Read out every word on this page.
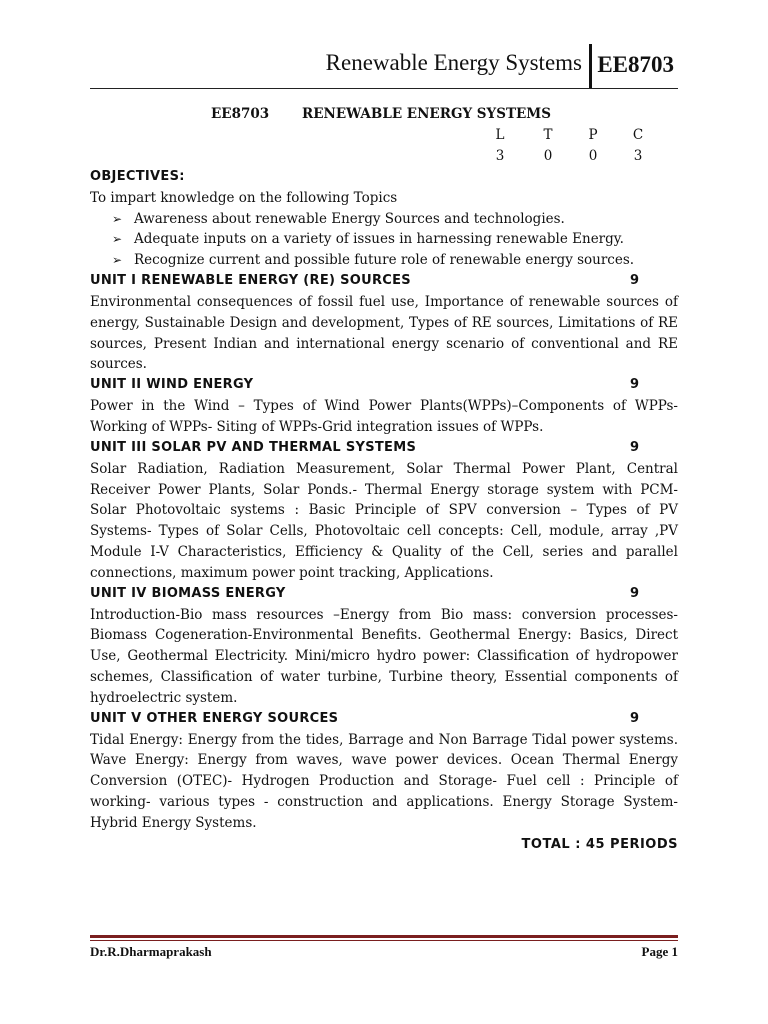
Renewable Energy Systems EE8703
EE8703 RENEWABLE ENERGY SYSTEMS
L	T	P	C
3	0	0	3
OBJECTIVES:
To impart knowledge on the following Topics
➢ Awareness about renewable Energy Sources and technologies.
➢ Adequate inputs on a variety of issues in harnessing renewable Energy.
➢ Recognize current and possible future role of renewable energy sources.
UNIT I RENEWABLE ENERGY (RE) SOURCES	9
Environmental consequences of fossil fuel use, Importance of renewable sources of energy, Sustainable Design and development, Types of RE sources, Limitations of RE sources, Present Indian and international energy scenario of conventional and RE sources.
UNIT II WIND ENERGY	9
Power in the Wind – Types of Wind Power Plants(WPPs)–Components of WPPs-Working of WPPs- Siting of WPPs-Grid integration issues of WPPs.
UNIT III SOLAR PV AND THERMAL SYSTEMS	9
Solar Radiation, Radiation Measurement, Solar Thermal Power Plant, Central Receiver Power Plants, Solar Ponds.- Thermal Energy storage system with PCM- Solar Photovoltaic systems : Basic Principle of SPV conversion – Types of PV Systems- Types of Solar Cells, Photovoltaic cell concepts: Cell, module, array ,PV Module I-V Characteristics, Efficiency & Quality of the Cell, series and parallel connections, maximum power point tracking, Applications.
UNIT IV BIOMASS ENERGY	9
Introduction-Bio mass resources –Energy from Bio mass: conversion processes-Biomass Cogeneration-Environmental Benefits. Geothermal Energy: Basics, Direct Use, Geothermal Electricity. Mini/micro hydro power: Classification of hydropower schemes, Classification of water turbine, Turbine theory, Essential components of hydroelectric system.
UNIT V OTHER ENERGY SOURCES	9
Tidal Energy: Energy from the tides, Barrage and Non Barrage Tidal power systems. Wave Energy: Energy from waves, wave power devices. Ocean Thermal Energy Conversion (OTEC)- Hydrogen Production and Storage- Fuel cell : Principle of working- various types - construction and applications. Energy Storage System- Hybrid Energy Systems.
TOTAL : 45 PERIODS
Dr.R.Dharmaprakash	Page 1
